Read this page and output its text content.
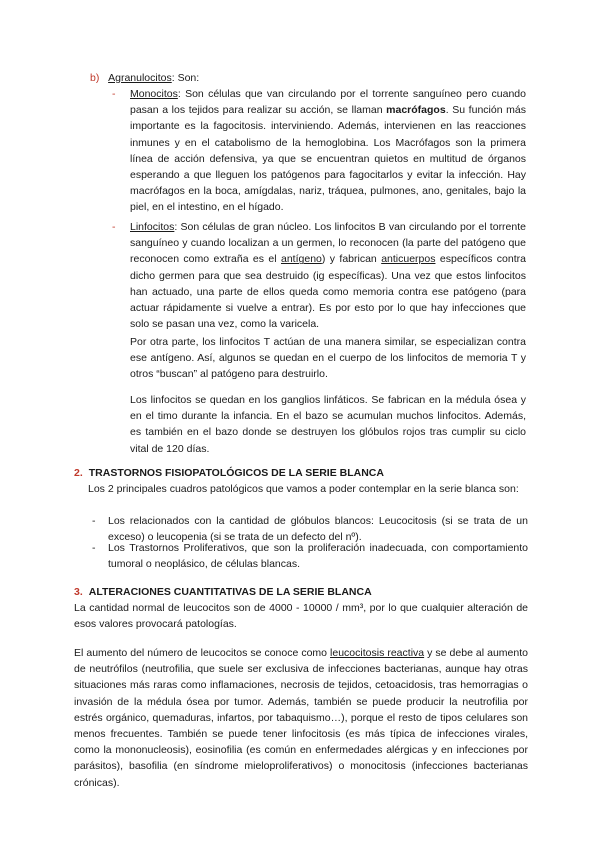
b) Agranulocitos: Son:
- Monocitos: Son células que van circulando por el torrente sanguíneo pero cuando pasan a los tejidos para realizar su acción, se llaman macrófagos. Su función más importante es la fagocitosis. interviniendo. Además, intervienen en las reacciones inmunes y en el catabolismo de la hemoglobina. Los Macrófagos son la primera línea de acción defensiva, ya que se encuentran quietos en multitud de órganos esperando a que lleguen los patógenos para fagocitarlos y evitar la infección. Hay macrófagos en la boca, amígdalas, nariz, tráquea, pulmones, ano, genitales, bajo la piel, en el intestino, en el hígado.
- Linfocitos: Son células de gran núcleo. Los linfocitos B van circulando por el torrente sanguíneo y cuando localizan a un germen, lo reconocen (la parte del patógeno que reconocen como extraña es el antígeno) y fabrican anticuerpos específicos contra dicho germen para que sea destruido (ig específicas). Una vez que estos linfocitos han actuado, una parte de ellos queda como memoria contra ese patógeno (para actuar rápidamente si vuelve a entrar). Es por esto por lo que hay infecciones que solo se pasan una vez, como la varicela.
Por otra parte, los linfocitos T actúan de una manera similar, se especializan contra ese antígeno. Así, algunos se quedan en el cuerpo de los linfocitos de memoria T y otros “buscan” al patógeno para destruirlo.
Los linfocitos se quedan en los ganglios linfáticos. Se fabrican en la médula ósea y en el timo durante la infancia. En el bazo se acumulan muchos linfocitos. Además, es también en el bazo donde se destruyen los glóbulos rojos tras cumplir su ciclo vital de 120 días.
2. TRASTORNOS FISIOPATOLÓGICOS DE LA SERIE BLANCA
Los 2 principales cuadros patológicos que vamos a poder contemplar en la serie blanca son:
- Los relacionados con la cantidad de glóbulos blancos: Leucocitosis (si se trata de un exceso) o leucopenia (si se trata de un defecto del nº).
- Los Trastornos Proliferativos, que son la proliferación inadecuada, con comportamiento tumoral o neoplásico, de células blancas.
3. ALTERACIONES CUANTITATIVAS DE LA SERIE BLANCA
La cantidad normal de leucocitos son de 4000 - 10000 / mm³, por lo que cualquier alteración de esos valores provocará patologías.
El aumento del número de leucocitos se conoce como leucocitosis reactiva y se debe al aumento de neutrófilos (neutrofilia, que suele ser exclusiva de infecciones bacterianas, aunque hay otras situaciones más raras como inflamaciones, necrosis de tejidos, cetoacidosis, tras hemorragias o invasión de la médula ósea por tumor. Además, también se puede producir la neutrofilia por estrés orgánico, quemaduras, infartos, por tabaquismo…), porque el resto de tipos celulares son menos frecuentes. También se puede tener linfocitosis (es más típica de infecciones virales, como la mononucleosis), eosinofilia (es común en enfermedades alérgicas y en infecciones por parásitos), basofilia (en síndrome mieloproliferativos) o monocitosis (infecciones bacterianas crónicas).
